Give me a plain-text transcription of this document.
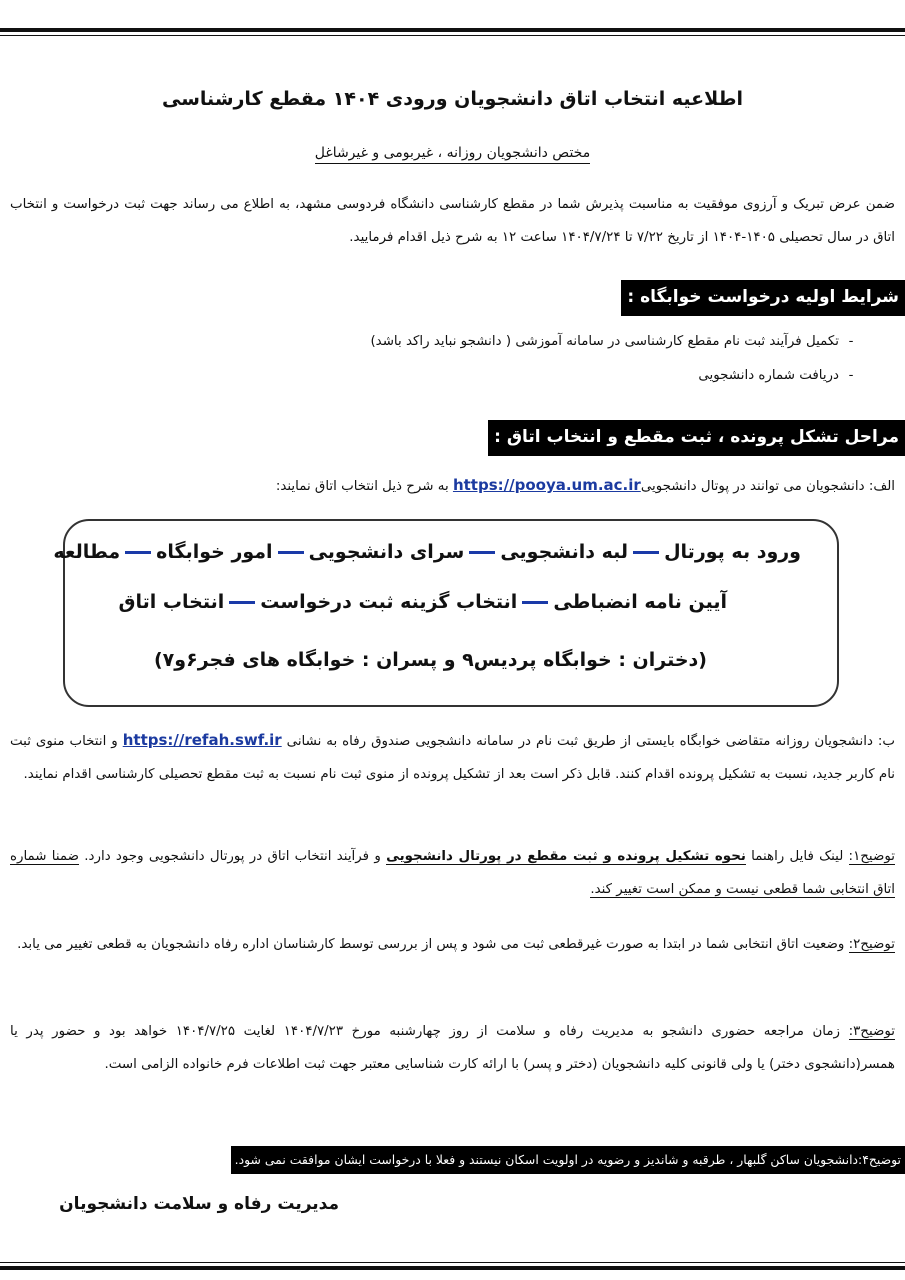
اطلاعیه انتخاب اتاق دانشجویان ورودی ۱۴۰۴ مقطع کارشناسی
مختص دانشجویان روزانه ، غیربومی و غیرشاغل
ضمن عرض تبریک و آرزوی موفقیت به مناسبت پذیرش شما در مقطع کارشناسی دانشگاه فردوسی مشهد، به اطلاع می رساند جهت ثبت درخواست و انتخاب اتاق در سال تحصیلی ۱۴۰۵-۱۴۰۴ از تاریخ ۷/۲۲ تا ۱۴۰۴/۷/۲۴ ساعت ۱۲ به شرح ذیل اقدام فرمایید.
شرایط اولیه درخواست خوابگاه :
-تکمیل فرآیند ثبت نام مقطع کارشناسی در سامانه آموزشی ( دانشجو نباید راکد باشد)
-دریافت شماره دانشجویی
مراحل تشکل پرونده ، ثبت مقطع و انتخاب اتاق :
الف: دانشجویان می توانند در پوتال دانشجوییhttps://pooya.um.ac.ir به شرح ذیل انتخاب اتاق نمایند:
ورود به پورتاللبه دانشجوییسرای دانشجوییامور خوابگاهمطالعه
آیین نامه انضباطیانتخاب گزینه ثبت درخواستانتخاب اتاق
(دختران : خوابگاه پردیس۹ و پسران : خوابگاه های فجر۶و۷)
ب: دانشجویان روزانه متقاضی خوابگاه بایستی از طریق ثبت نام در سامانه دانشجویی صندوق رفاه به نشانی https://refah.swf.ir و انتخاب منوی ثبت نام کاربر جدید، نسبت به تشکیل پرونده اقدام کنند. قابل ذکر است بعد از تشکیل پرونده از منوی ثبت نام نسبت به ثبت مقطع تحصیلی کارشناسی اقدام نمایند.
توضیح۱: لینک فایل راهنما نحوه تشکیل پرونده و ثبت مقطع در پورتال دانشجویی و فرآیند انتخاب اتاق در پورتال دانشجویی وجود دارد. ضمنا شماره اتاق انتخابی شما قطعی نیست و ممکن است تغییر کند.
توضیح۲: وضعیت اتاق انتخابی شما در ابتدا به صورت غیرقطعی ثبت می شود و پس از بررسی توسط کارشناسان اداره رفاه دانشجویان به قطعی تغییر می یابد.
توضیح۳: زمان مراجعه حضوری دانشجو به مدیریت رفاه و سلامت از روز چهارشنبه مورخ ۱۴۰۴/۷/۲۳ لغایت ۱۴۰۴/۷/۲۵ خواهد بود و حضور پدر یا همسر(دانشجوی دختر) یا ولی قانونی کلیه دانشجویان (دختر و پسر) با ارائه کارت شناسایی معتبر جهت ثبت اطلاعات فرم خانواده الزامی است.
توضیح۴:دانشجویان ساکن گلبهار ، طرقبه و شاندیز و رضویه در اولویت اسکان نیستند و فعلا با درخواست ایشان موافقت نمی شود.
مدیریت رفاه و سلامت دانشجویان
